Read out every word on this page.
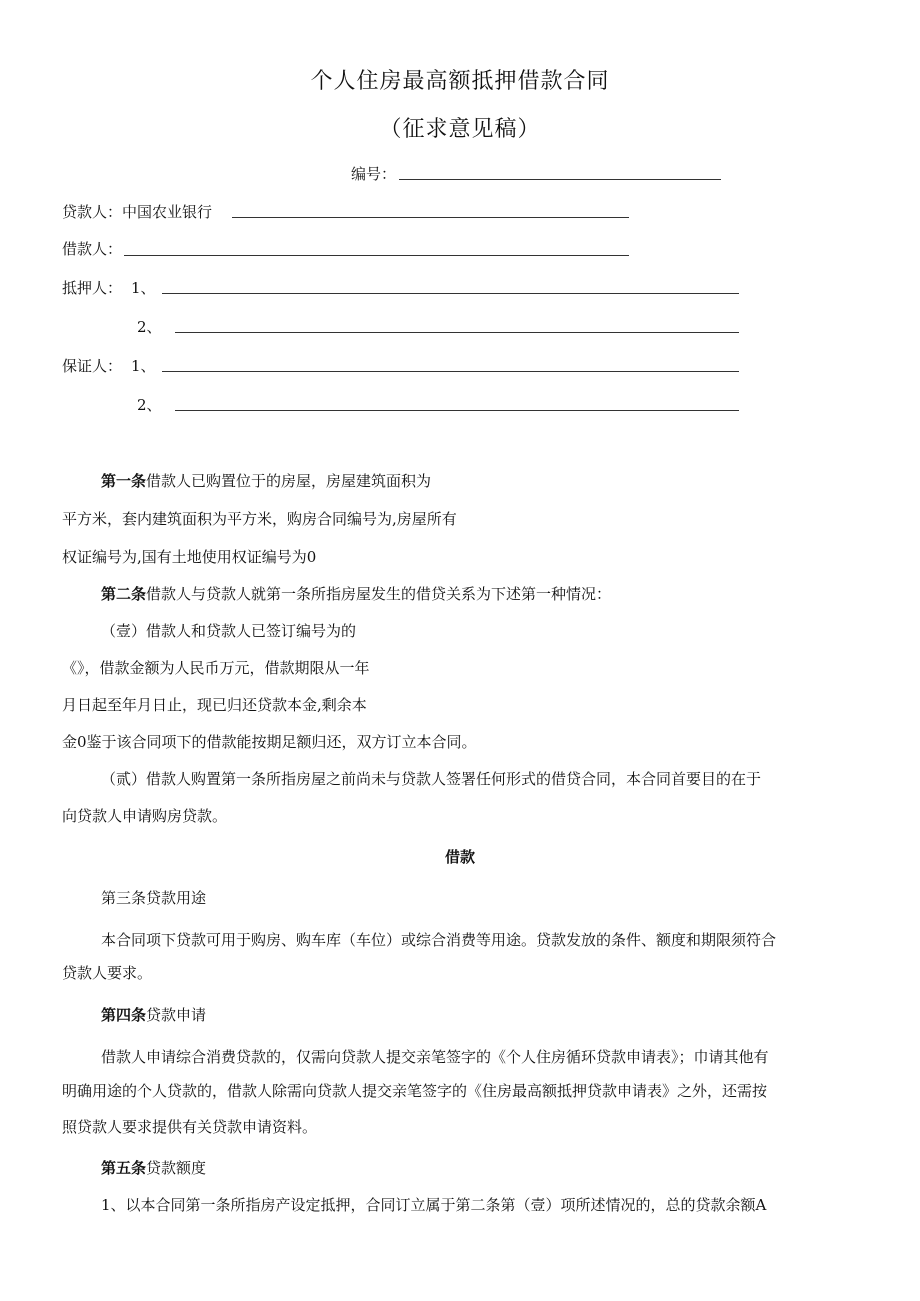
个人住房最高额抵押借款合同
（征求意见稿）
编号：
贷款人： 中国农业银行
借款人：
抵押人： 1、
2、
保证人： 1、
2、
第一条借款人已购置位于的房屋，房屋建筑面积为
平方米，套内建筑面积为平方米，购房合同编号为,房屋所有
权证编号为,国有土地使用权证编号为0
第二条借款人与贷款人就第一条所指房屋发生的借贷关系为下述第一种情况：
（壹）借款人和贷款人已签订编号为的
《》，借款金额为人民币万元，借款期限从一年
月日起至年月日止，现已归还贷款本金,剩余本
金0鉴于该合同项下的借款能按期足额归还，双方订立本合同。
（贰）借款人购置第一条所指房屋之前尚未与贷款人签署任何形式的借贷合同，本合同首要目的在于
向贷款人申请购房贷款。
借款
第三条贷款用途
本合同项下贷款可用于购房、购车库（车位）或综合消费等用途。贷款发放的条件、额度和期限须符合
贷款人要求。
第四条贷款申请
借款人申请综合消费贷款的，仅需向贷款人提交亲笔签字的《个人住房循环贷款申请表》；巾请其他有
明确用途的个人贷款的，借款人除需向贷款人提交亲笔签字的《住房最高额抵押贷款申请表》之外，还需按
照贷款人要求提供有关贷款申请资料。
第五条贷款额度
1、以本合同第一条所指房产设定抵押，合同订立属于第二条第（壹）项所述情况的，总的贷款余额A
